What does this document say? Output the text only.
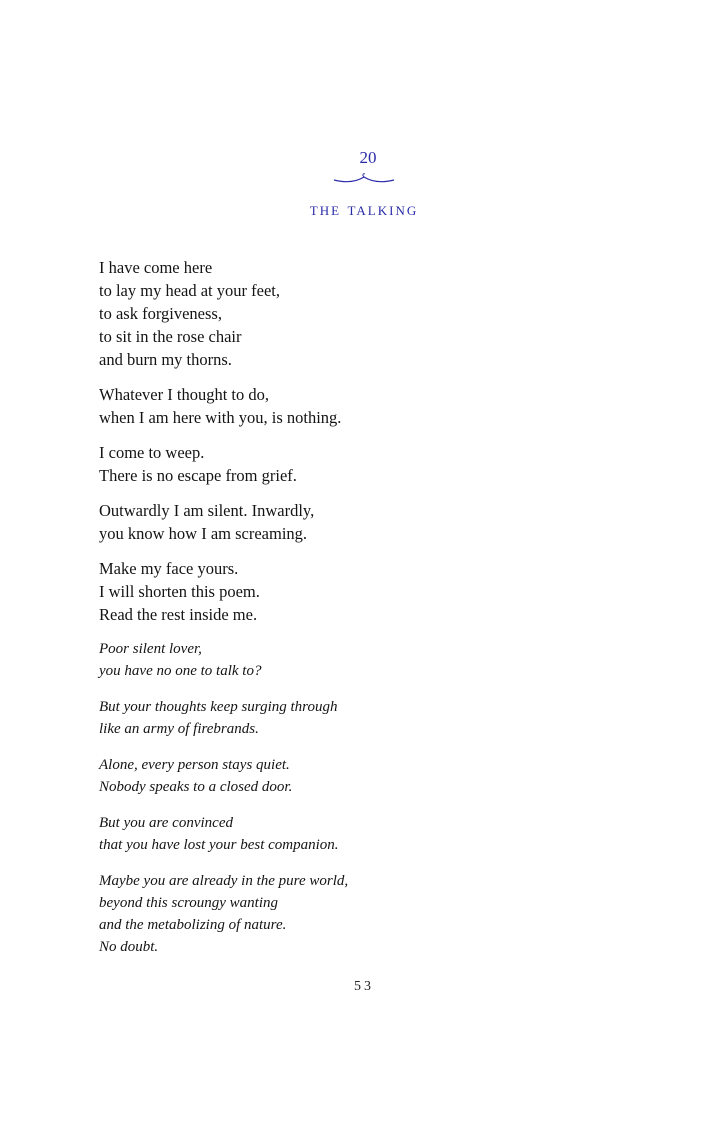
20
the talking
I have come here
to lay my head at your feet,
to ask forgiveness,
to sit in the rose chair
and burn my thorns.
Whatever I thought to do,
when I am here with you, is nothing.
I come to weep.
There is no escape from grief.
Outwardly I am silent. Inwardly,
you know how I am screaming.
Make my face yours.
I will shorten this poem.
Read the rest inside me.
Poor silent lover,
you have no one to talk to?
But your thoughts keep surging through
like an army of firebrands.
Alone, every person stays quiet.
Nobody speaks to a closed door.
But you are convinced
that you have lost your best companion.
Maybe you are already in the pure world,
beyond this scroungy wanting
and the metabolizing of nature.
No doubt.
53
